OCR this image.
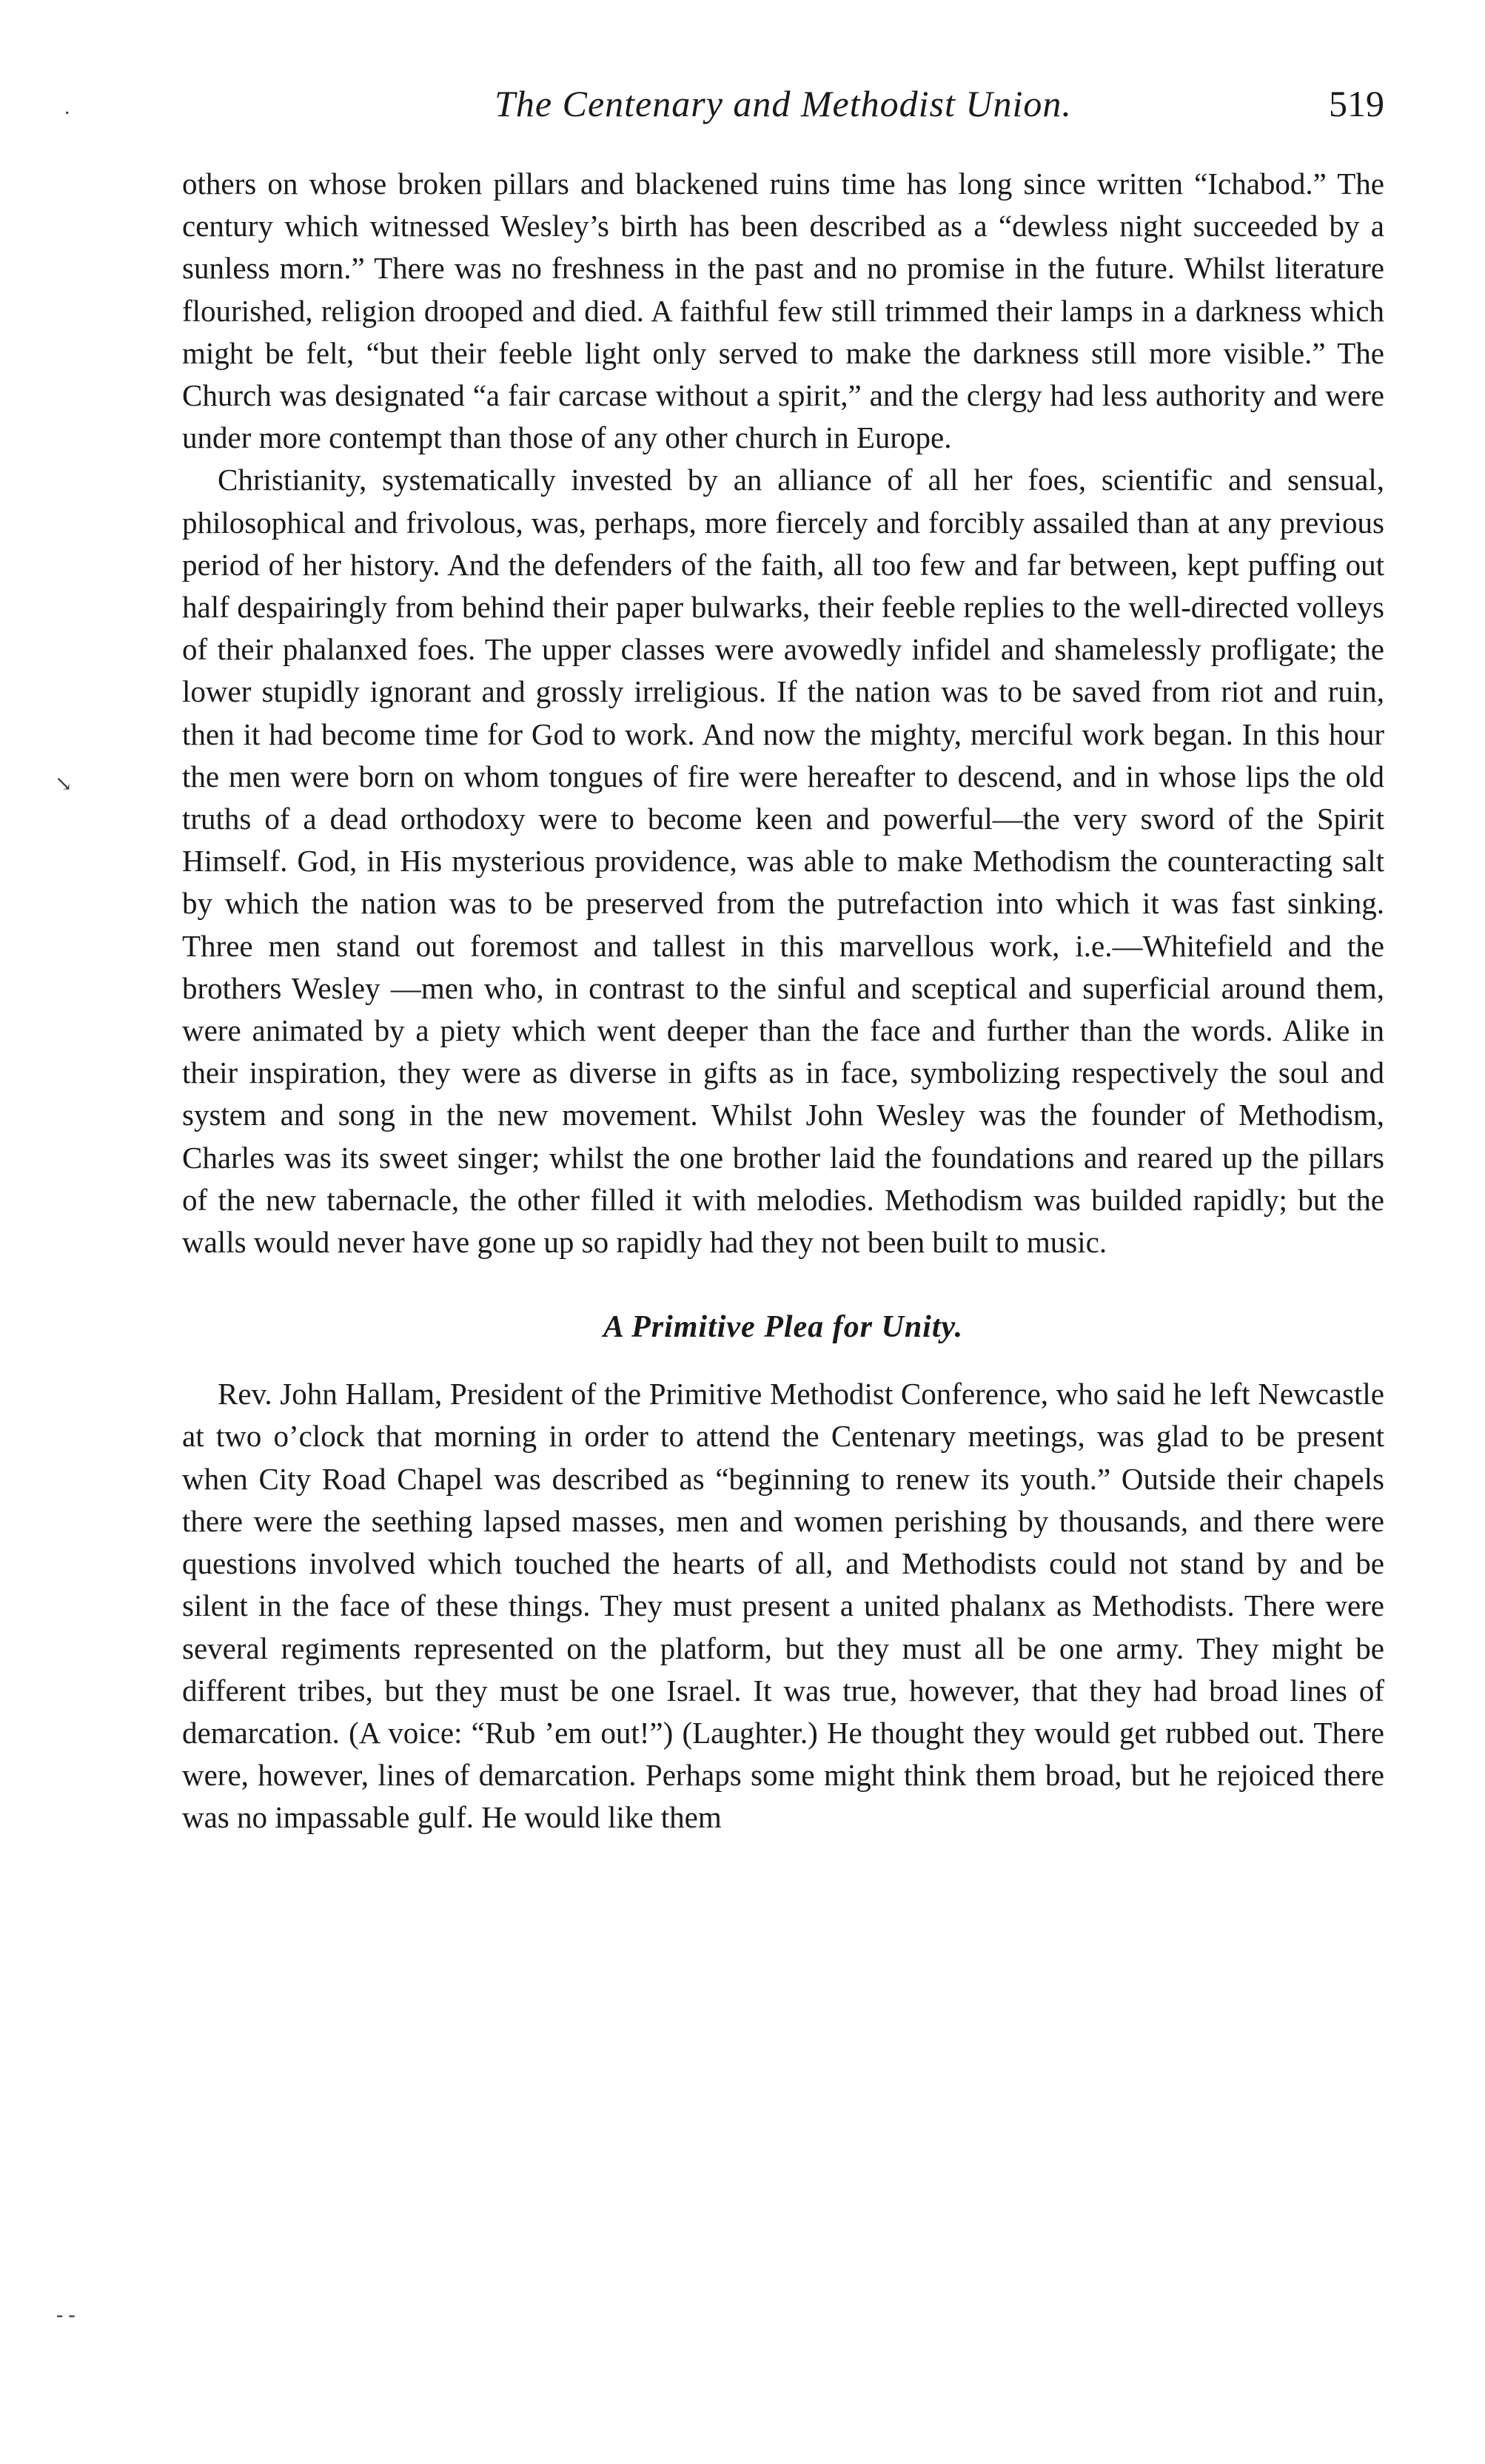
·
↘
- -
The Centenary and Methodist Union.	519

others on whose broken pillars and blackened ruins time has long since written “Ichabod.” The century which witnessed Wesley’s birth has been described as a “dewless night succeeded by a sunless morn.” There was no freshness in the past and no promise in the future. Whilst literature flourished, religion drooped and died. A faithful few still trimmed their lamps in a darkness which might be felt, “but their feeble light only served to make the darkness still more visible.” The Church was designated “a fair carcase without a spirit,” and the clergy had less authority and were under more contempt than those of any other church in Europe.

Christianity, systematically invested by an alliance of all her foes, scientific and sensual, philosophical and frivolous, was, perhaps, more fiercely and forcibly assailed than at any previous period of her history. And the defenders of the faith, all too few and far between, kept puffing out half despairingly from behind their paper bulwarks, their feeble replies to the well-directed volleys of their phalanxed foes. The upper classes were avowedly infidel and shamelessly profligate; the lower stupidly ignorant and grossly irreligious. If the nation was to be saved from riot and ruin, then it had become time for God to work. And now the mighty, merciful work began. In this hour the men were born on whom tongues of fire were hereafter to descend, and in whose lips the old truths of a dead orthodoxy were to become keen and powerful—the very sword of the Spirit Himself. God, in His mysterious providence, was able to make Methodism the counteracting salt by which the nation was to be preserved from the putrefaction into which it was fast sinking. Three men stand out foremost and tallest in this marvellous work, i.e.—Whitefield and the brothers Wesley —men who, in contrast to the sinful and sceptical and superficial around them, were animated by a piety which went deeper than the face and further than the words. Alike in their inspiration, they were as diverse in gifts as in face, symbolizing respectively the soul and system and song in the new movement. Whilst John Wesley was the founder of Methodism, Charles was its sweet singer; whilst the one brother laid the foundations and reared up the pillars of the new tabernacle, the other filled it with melodies. Methodism was builded rapidly; but the walls would never have gone up so rapidly had they not been built to music.

A Primitive Plea for Unity.

Rev. John Hallam, President of the Primitive Methodist Conference, who said he left Newcastle at two o’clock that morning in order to attend the Centenary meetings, was glad to be present when City Road Chapel was described as “beginning to renew its youth.” Outside their chapels there were the seething lapsed masses, men and women perishing by thousands, and there were questions involved which touched the hearts of all, and Methodists could not stand by and be silent in the face of these things. They must present a united phalanx as Methodists. There were several regiments represented on the platform, but they must all be one army. They might be different tribes, but they must be one Israel. It was true, however, that they had broad lines of demarcation. (A voice: “Rub ’em out!”) (Laughter.) He thought they would get rubbed out. There were, however, lines of demarcation. Perhaps some might think them broad, but he rejoiced there was no impassable gulf. He would like them
